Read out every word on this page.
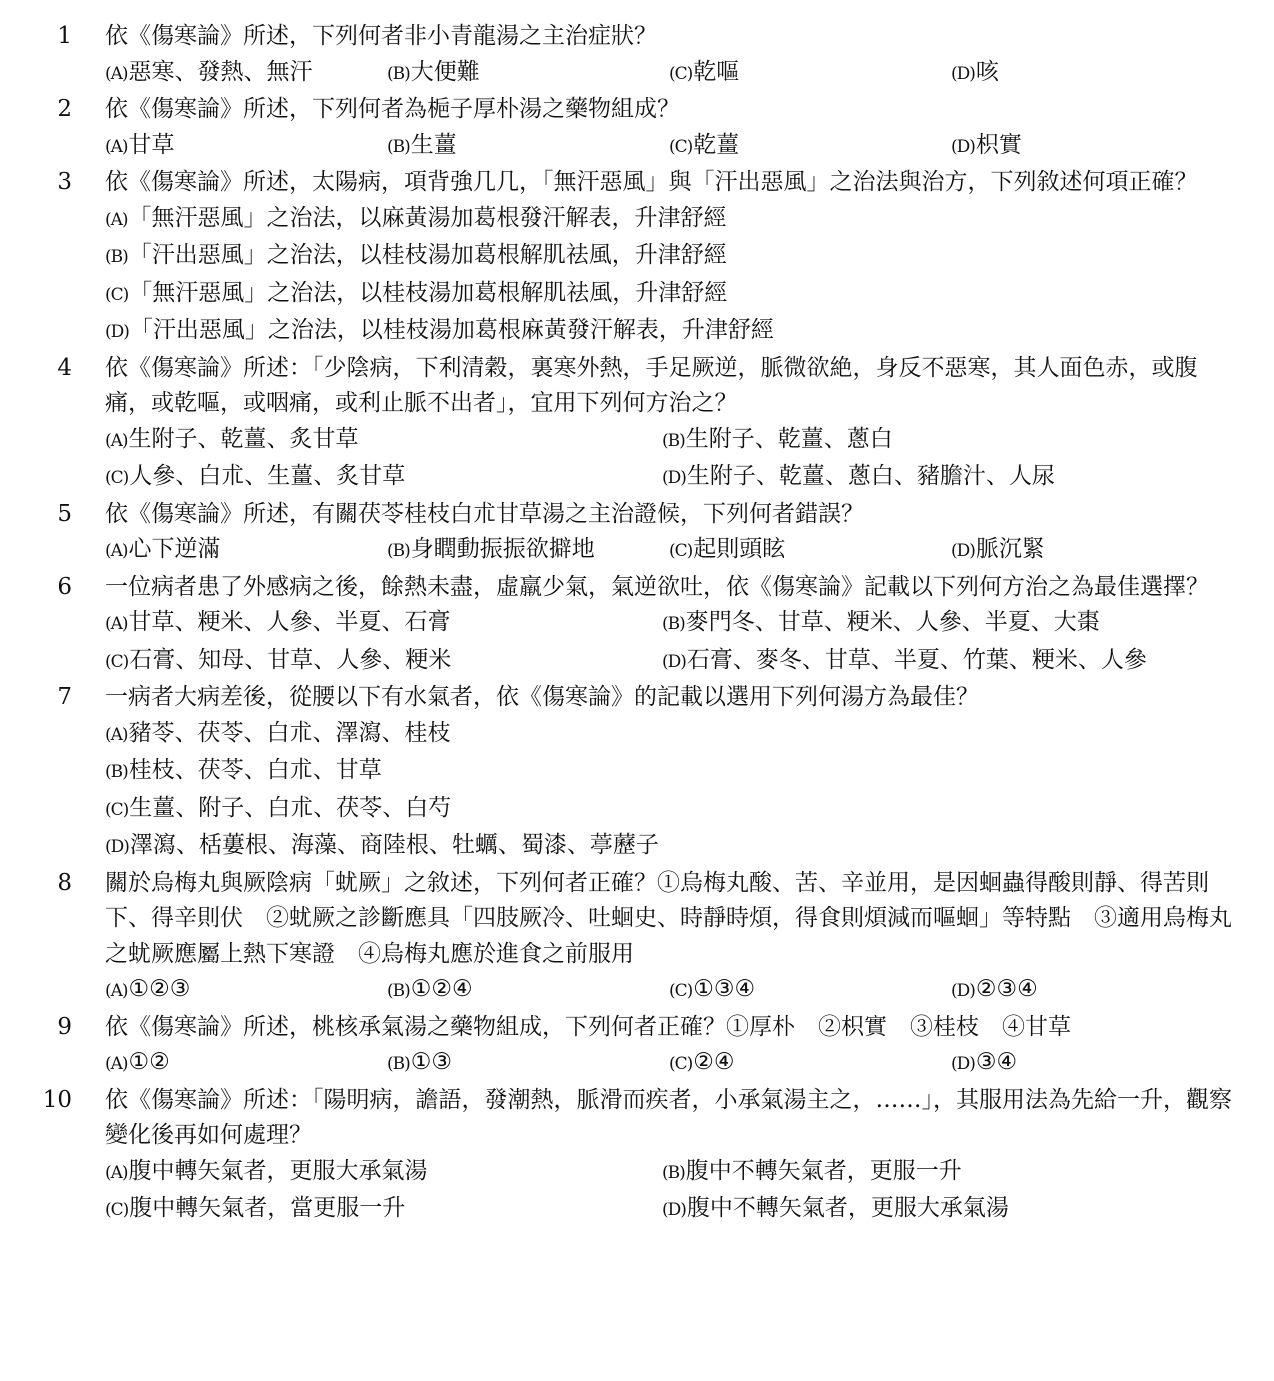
1 依《傷寒論》所述，下列何者非小青龍湯之主治症狀？
(A)惡寒、發熱、無汗	(B)大便難	(C)乾嘔	(D)咳
2 依《傷寒論》所述，下列何者為梔子厚朴湯之藥物組成？
(A)甘草	(B)生薑	(C)乾薑	(D)枳實
3 依《傷寒論》所述，太陽病，項背強几几，「無汗惡風」與「汗出惡風」之治法與治方，下列敘述何項正確？
(A)「無汗惡風」之治法，以麻黃湯加葛根發汗解表，升津舒經
(B)「汗出惡風」之治法，以桂枝湯加葛根解肌祛風，升津舒經
(C)「無汗惡風」之治法，以桂枝湯加葛根解肌祛風，升津舒經
(D)「汗出惡風」之治法，以桂枝湯加葛根麻黃發汗解表，升津舒經
4 依《傷寒論》所述：「少陰病，下利清穀，裏寒外熱，手足厥逆，脈微欲絶，身反不惡寒，其人面色赤，或腹痛，或乾嘔，或咽痛，或利止脈不出者」，宜用下列何方治之？
(A)生附子、乾薑、炙甘草	(B)生附子、乾薑、蔥白
(C)人參、白朮、生薑、炙甘草	(D)生附子、乾薑、蔥白、豬膽汁、人尿
5 依《傷寒論》所述，有關茯苓桂枝白朮甘草湯之主治證候，下列何者錯誤？
(A)心下逆滿	(B)身瞤動振振欲擗地	(C)起則頭眩	(D)脈沉緊
6 一位病者患了外感病之後，餘熱未盡，虛羸少氣，氣逆欲吐，依《傷寒論》記載以下列何方治之為最佳選擇？
(A)甘草、粳米、人參、半夏、石膏	(B)麥門冬、甘草、粳米、人參、半夏、大棗
(C)石膏、知母、甘草、人參、粳米	(D)石膏、麥冬、甘草、半夏、竹葉、粳米、人參
7 一病者大病差後，從腰以下有水氣者，依《傷寒論》的記載以選用下列何湯方為最佳？
(A)豬苓、茯苓、白朮、澤瀉、桂枝
(B)桂枝、茯苓、白朮、甘草
(C)生薑、附子、白朮、茯苓、白芍
(D)澤瀉、栝蔞根、海藻、商陸根、牡蠣、蜀漆、葶藶子
8 關於烏梅丸與厥陰病「蚘厥」之敘述，下列何者正確？①烏梅丸酸、苦、辛並用，是因蛔蟲得酸則靜、得苦則下、得辛則伏　②蚘厥之診斷應具「四肢厥冷、吐蛔史、時靜時煩，得食則煩減而嘔蛔」等特點　③適用烏梅丸之蚘厥應屬上熱下寒證　④烏梅丸應於進食之前服用
(A)①②③	(B)①②④	(C)①③④	(D)②③④
9 依《傷寒論》所述，桃核承氣湯之藥物組成，下列何者正確？①厚朴　②枳實　③桂枝　④甘草
(A)①②	(B)①③	(C)②④	(D)③④
10 依《傷寒論》所述：「陽明病，譫語，發潮熱，脈滑而疾者，小承氣湯主之，……」，其服用法為先給一升，觀察變化後再如何處理？
(A)腹中轉矢氣者，更服大承氣湯	(B)腹中不轉矢氣者，更服一升
(C)腹中轉矢氣者，當更服一升	(D)腹中不轉矢氣者，更服大承氣湯
